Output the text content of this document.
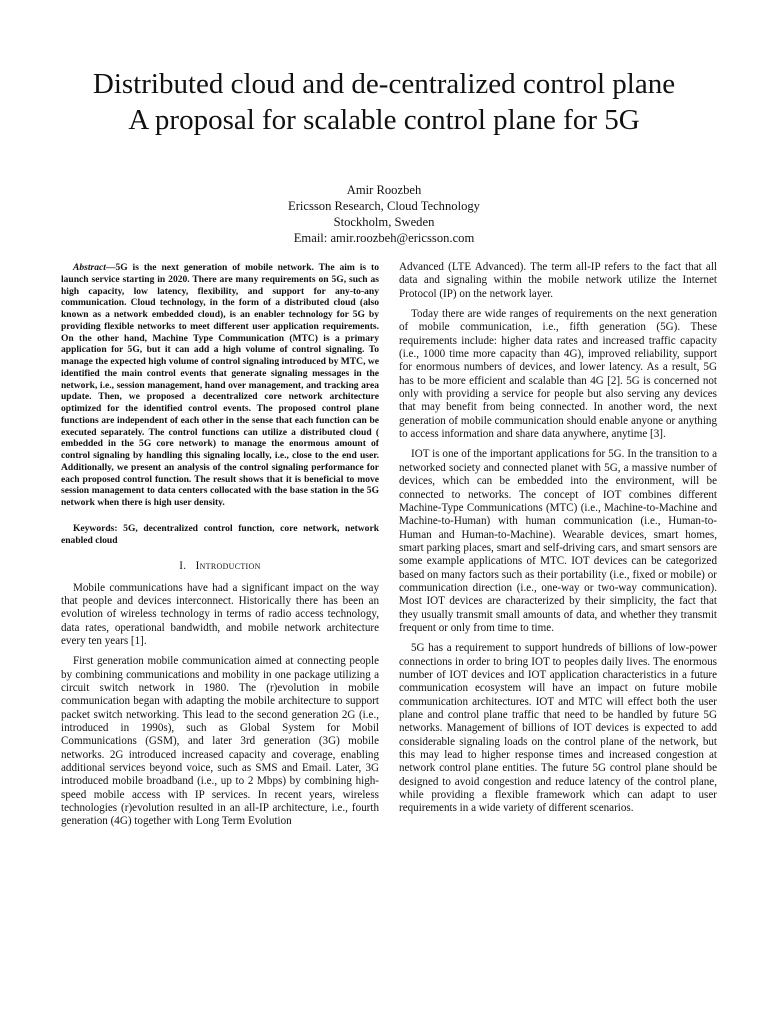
Distributed cloud and de-centralized control plane
A proposal for scalable control plane for 5G
Amir Roozbeh
Ericsson Research, Cloud Technology
Stockholm, Sweden
Email: amir.roozbeh@ericsson.com

Abstract—5G is the next generation of mobile network. The aim is to launch service starting in 2020. There are many requirements on 5G, such as high capacity, low latency, flexibility, and support for any-to-any communication. Cloud technology, in the form of a distributed cloud (also known as a network embedded cloud), is an enabler technology for 5G by providing flexible networks to meet different user application requirements. On the other hand, Machine Type Communication (MTC) is a primary application for 5G, but it can add a high volume of control signaling. To manage the expected high volume of control signaling introduced by MTC, we identified the main control events that generate signaling messages in the network, i.e., session management, hand over management, and tracking area update. Then, we proposed a decentralized core network architecture optimized for the identified control events. The proposed control plane functions are independent of each other in the sense that each function can be executed separately. The control functions can utilize a distributed cloud ( embedded in the 5G core network) to manage the enormous amount of control signaling by handling this signaling locally, i.e., close to the end user. Additionally, we present an analysis of the control signaling performance for each proposed control function. The result shows that it is beneficial to move session management to data centers collocated with the base station in the 5G network when there is high user density.

Keywords: 5G, decentralized control function, core network, network enabled cloud

I. Introduction

Mobile communications have had a significant impact on the way that people and devices interconnect. Historically there has been an evolution of wireless technology in terms of radio access technology, data rates, operational bandwidth, and mobile network architecture every ten years [1].

First generation mobile communication aimed at connecting people by combining communications and mobility in one package utilizing a circuit switch network in 1980. The (r)evolution in mobile communication began with adapting the mobile architecture to support packet switch networking. This lead to the second generation 2G (i.e., introduced in 1990s), such as Global System for Mobil Communications (GSM), and later 3rd generation (3G) mobile networks. 2G introduced increased capacity and coverage, enabling additional services beyond voice, such as SMS and Email. Later, 3G introduced mobile broadband (i.e., up to 2 Mbps) by combining high-speed mobile access with IP services. In recent years, wireless technologies (r)evolution resulted in an all-IP architecture, i.e., fourth generation (4G) together with Long Term Evolution

Advanced (LTE Advanced). The term all-IP refers to the fact that all data and signaling within the mobile network utilize the Internet Protocol (IP) on the network layer.

Today there are wide ranges of requirements on the next generation of mobile communication, i.e., fifth generation (5G). These requirements include: higher data rates and increased traffic capacity (i.e., 1000 time more capacity than 4G), improved reliability, support for enormous numbers of devices, and lower latency. As a result, 5G has to be more efficient and scalable than 4G [2]. 5G is concerned not only with providing a service for people but also serving any devices that may benefit from being connected. In another word, the next generation of mobile communication should enable anyone or anything to access information and share data anywhere, anytime [3].

IOT is one of the important applications for 5G. In the transition to a networked society and connected planet with 5G, a massive number of devices, which can be embedded into the environment, will be connected to networks. The concept of IOT combines different Machine-Type Communications (MTC) (i.e., Machine-to-Machine and Machine-to-Human) with human communication (i.e., Human-to-Human and Human-to-Machine). Wearable devices, smart homes, smart parking places, smart and self-driving cars, and smart sensors are some example applications of MTC. IOT devices can be categorized based on many factors such as their portability (i.e., fixed or mobile) or communication direction (i.e., one-way or two-way communication). Most IOT devices are characterized by their simplicity, the fact that they usually transmit small amounts of data, and whether they transmit frequent or only from time to time.

5G has a requirement to support hundreds of billions of low-power connections in order to bring IOT to peoples daily lives. The enormous number of IOT devices and IOT application characteristics in a future communication ecosystem will have an impact on future mobile communication architectures. IOT and MTC will effect both the user plane and control plane traffic that need to be handled by future 5G networks. Management of billions of IOT devices is expected to add considerable signaling loads on the control plane of the network, but this may lead to higher response times and increased congestion at network control plane entities. The future 5G control plane should be designed to avoid congestion and reduce latency of the control plane, while providing a flexible framework which can adapt to user requirements in a wide variety of different scenarios.
